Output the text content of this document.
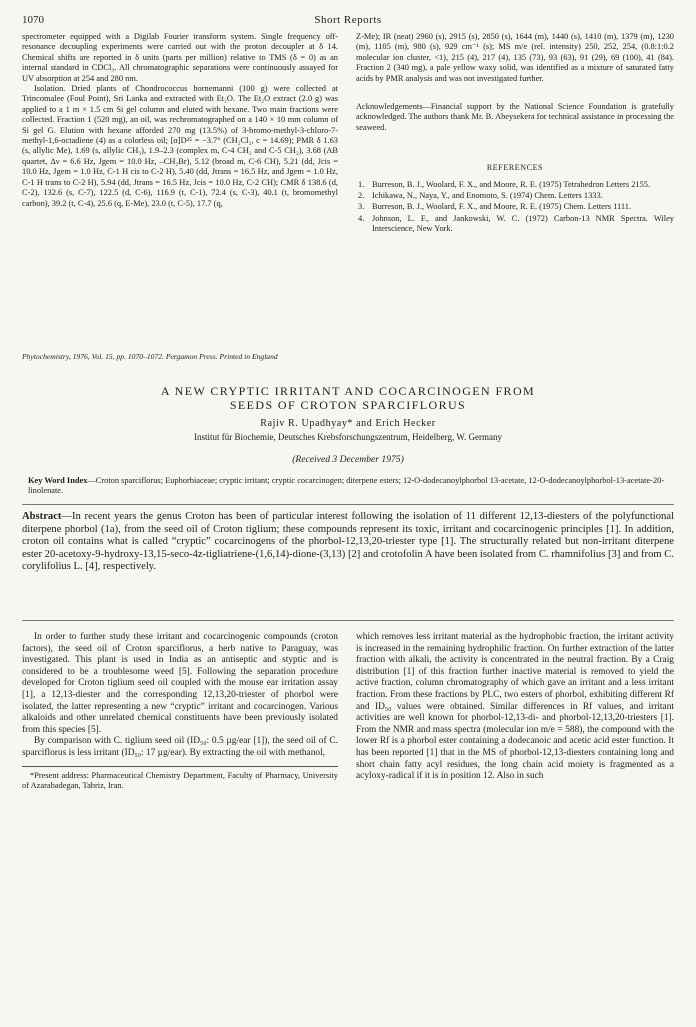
1070	Short Reports

spectrometer equipped with a Digilab Fourier transform system. Single frequency off-resonance decoupling experiments were carried out with the proton decoupler at δ 14. Chemical shifts are reported in δ units (parts per million) relative to TMS (δ = 0) as an internal standard in CDCl₃. All chromatographic separations were continuously assayed for UV absorption at 254 and 280 nm.

Isolation. Dried plants of Chondrococcus hornemanni (100 g) were collected at Trincomalee (Foul Point), Sri Lanka and extracted with Et₂O. The Et₂O extract (2.0 g) was applied to a 1 m × 1.5 cm Si gel column and eluted with hexane. Two main fractions were collected. Fraction 1 (520 mg), an oil, was rechromatographed on a 140 × 10 mm column of Si gel G. Elution with hexane afforded 270 mg (13.5%) of 3-bromo-methyl-3-chloro-7-methyl-1,6-octadiene (4) as a colorless oil; [α]D²⁵ = −3.7° (CH₂Cl₂, c = 14.69); PMR δ 1.63 (s, allylic Me), 1.69 (s, allylic CH₃), 1.9–2.3 (complex m, C-4 CH₂ and C-5 CH₂), 3.68 (AB quartet, Δν = 6.6 Hz, Jgem = 10.0 Hz, –CH₂Br), 5.12 (broad m, C-6 CH), 5.21 (dd, Jcis = 10.0 Hz, Jgem = 1.0 Hz, C-1 H cis to C-2 H), 5.40 (dd, Jtrans = 16.5 Hz, and Jgem = 1.0 Hz, C-1 H trans to C-2 H), 5.94 (dd, Jtrans = 16.5 Hz, Jcis = 10.0 Hz, C-2 CH); CMR δ 138.6 (d, C-2), 132.6 (s, C-7), 122.5 (d, C-6), 116.9 (t, C-1), 72.4 (s, C-3), 40.1 (t, bromomethyl carbon), 39.2 (t, C-4), 25.6 (q, E-Me), 23.0 (t, C-5), 17.7 (q,

Z-Me); IR (neat) 2960 (s), 2915 (s), 2850 (s), 1644 (m), 1440 (s), 1410 (m), 1379 (m), 1230 (m), 1105 (m), 980 (s), 929 cm⁻¹ (s); MS m/e (rel. intensity) 250, 252, 254, (0.8:1:0.2 molecular ion cluster, <1), 215 (4), 217 (4), 135 (73), 93 (63), 91 (29), 69 (100), 41 (84). Fraction 2 (340 mg), a pale yellow waxy solid, was identified as a mixture of saturated fatty acids by PMR analysis and was not investigated further.

Acknowledgements—Financial support by the National Science Foundation is gratefully acknowledged. The authors thank Mr. B. Abeysekera for technical assistance in processing the seaweed.

REFERENCES

1. Burreson, B. J., Woolard, F. X., and Moore, R. E. (1975) Tetrahedron Letters 2155.
2. Ichikawa, N., Naya, Y., and Enomoto, S. (1974) Chem. Letters 1333.
3. Burreson, B. J., Woolard, F. X., and Moore, R. E. (1975) Chem. Letters 1111.
4. Johnson, L. F., and Jankowski, W. C. (1972) Carbon-13 NMR Spectra. Wiley Interscience, New York.
Phytochemistry, 1976, Vol. 15, pp. 1070–1072. Pergamon Press. Printed in England
A NEW CRYPTIC IRRITANT AND COCARCINOGEN FROM
SEEDS OF CROTON SPARCIFLORUS
Rajiv R. Upadhyay* and Erich Hecker
Institut für Biochemie, Deutsches Krebsforschungszentrum, Heidelberg, W. Germany
(Received 3 December 1975)
Key Word Index—Croton sparciflorus; Euphorbiaceae; cryptic irritant; cryptic cocarcinogen; diterpene esters; 12-O-dodecanoylphorbol 13-acetate, 12-O-dodecanoylphorbol-13-acetate-20-linolenate.
Abstract—In recent years the genus Croton has been of particular interest following the isolation of 11 different 12,13-diesters of the polyfunctional diterpene phorbol (1a), from the seed oil of Croton tiglium; these compounds represent its toxic, irritant and cocarcinogenic principles [1]. In addition, croton oil contains what is called “cryptic” cocarcinogens of the phorbol-12,13,20-triester type [1]. The structurally related but non-irritant diterpene ester 20-acetoxy-9-hydroxy-13,15-seco-4z-tigliatriene-(1,6,14)-dione-(3,13) [2] and crotofolin A have been isolated from C. rhamnifolius [3] and from C. corylifolius L. [4], respectively.

In order to further study these irritant and cocarcinogenic compounds (croton factors), the seed oil of Croton sparciflorus, a herb native to Paraguay, was investigated. This plant is used in India as an antiseptic and styptic and is considered to be a troublesome weed [5]. Following the separation procedure developed for Croton tiglium seed oil coupled with the mouse ear irritation assay [1], a 12,13-diester and the corresponding 12,13,20-triester of phorbol were isolated, the latter representing a new “cryptic” irritant and cocarcinogen. Various alkaloids and other unrelated chemical constituents have been previously isolated from this species [5].

By comparison with C. tiglium seed oil (ID₅₀: 0.5 µg/ear [1]), the seed oil of C. sparciflorus is less irritant (ID₅₀: 17 µg/ear). By extracting the oil with methanol,

*Present address: Pharmaceutical Chemistry Department, Faculty of Pharmacy, University of Azarabadegan, Tabriz, Iran.

which removes less irritant material as the hydrophobic fraction, the irritant activity is increased in the remaining hydrophilic fraction. On further extraction of the latter fraction with alkali, the activity is concentrated in the neutral fraction. By a Craig distribution [1] of this fraction further inactive material is removed to yield the active fraction, column chromatography of which gave an irritant and a less irritant fraction. From these fractions by PLC, two esters of phorbol, exhibiting different Rf and ID₅₀ values were obtained. Similar differences in Rf values, and irritant activities are well known for phorbol-12,13-di- and phorbol-12,13,20-triesters [1]. From the NMR and mass spectra (molecular ion m/e = 588), the compound with the lower Rf is a phorbol ester containing a dodecanoic and acetic acid ester function. It has been reported [1] that in the MS of phorbol-12,13-diesters containing long and short chain fatty acyl residues, the long chain acid moiety is fragmented as a acyloxy-radical if it is in position 12. Also in such
